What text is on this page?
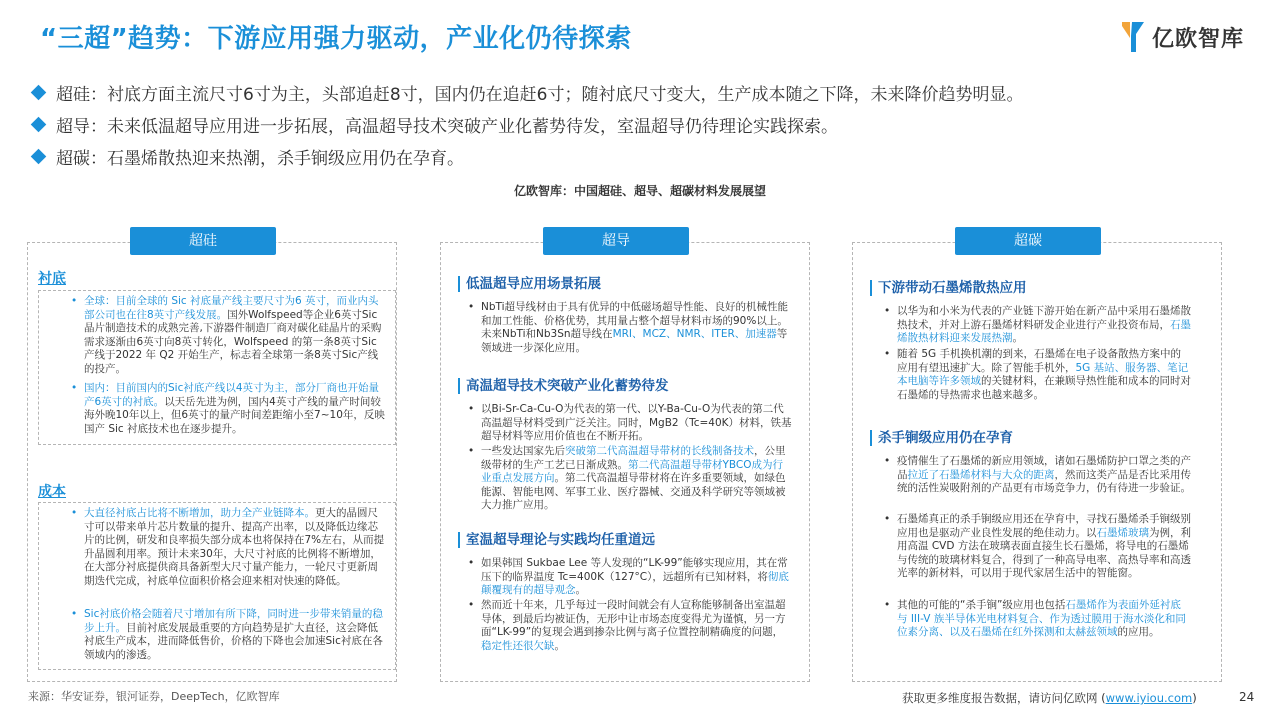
“三超”趋势：下游应用强力驱动，产业化仍待探索	亿欧智库
超硅：衬底方面主流尺寸6寸为主，头部追赶8寸，国内仍在追赶6寸；随衬底尺寸变大，生产成本随之下降，未来降价趋势明显。
超导：未来低温超导应用进一步拓展，高温超导技术突破产业化蓄势待发，室温超导仍待理论实践探索。
超碳：石墨烯散热迎来热潮，杀手锏级应用仍在孕育。
亿欧智库：中国超硅、超导、超碳材料发展展望
超硅
衬底
• 全球：目前全球的 Sic 衬底量产线主要尺寸为6 英寸，而业内头部公司也在往8英寸产线发展。国外Wolfspeed等企业6英寸Sic晶片制造技术的成熟完善,下游器件制造厂商对碳化硅晶片的采购需求逐渐由6英寸向8英寸转化，Wolfspeed 的第一条8英寸Sic产线于2022 年 Q2 开始生产，标志着全球第一条8英寸Sic产线的投产。
• 国内：目前国内的Sic衬底产线以4英寸为主，部分厂商也开始量产6英寸的衬底。以天岳先进为例，国内4英寸产线的量产时间较海外晚10年以上，但6英寸的量产时间差距缩小至7~10年，反映国产 Sic 衬底技术也在逐步提升。
成本
• 大直径衬底占比将不断增加，助力全产业链降本。更大的晶圆尺寸可以带来单片芯片数量的提升、提高产出率，以及降低边缘芯片的比例，研发和良率损失部分成本也将保持在7%左右，从而提升晶圆利用率。预计未来30年，大尺寸衬底的比例将不断增加，在大部分衬底提供商具备新型大尺寸量产能力，一轮尺寸更新周期迭代完成，衬底单位面积价格会迎来相对快速的降低。
• Sic衬底价格会随着尺寸增加有所下降，同时进一步带来销量的稳步上升。目前衬底发展最重要的方向趋势是扩大直径，这会降低衬底生产成本，进而降低售价，价格的下降也会加速Sic衬底在各领域内的渗透。
超导
低温超导应用场景拓展
• NbTi超导线材由于具有优异的中低磁场超导性能、良好的机械性能和加工性能、价格优势，其用量占整个超导材料市场的90%以上。未来NbTi和Nb3Sn超导线在MRI、MCZ、NMR、ITER、加速器等领域进一步深化应用。
高温超导技术突破产业化蓄势待发
• 以Bi-Sr-Ca-Cu-O为代表的第一代、以Y-Ba-Cu-O为代表的第二代高温超导材料受到广泛关注。同时，MgB2（Tc=40K）材料，铁基超导材料等应用价值也在不断开拓。
• 一些发达国家先后突破第二代高温超导带材的长线制备技术，公里级带材的生产工艺已日渐成熟。第二代高温超导带材YBCO成为行业重点发展方向。第二代高温超导带材将在许多重要领域，如绿色能源、智能电网、军事工业、医疗器械、交通及科学研究等领域被大力推广应用。
室温超导理论与实践均任重道远
• 如果韩国 Sukbae Lee 等人发现的“LK-99”能够实现应用，其在常压下的临界温度 Tc=400K（127°C），远超所有已知材料，将彻底颠覆现有的超导观念。
• 然而近十年来，几乎每过一段时间就会有人宣称能够制备出室温超导体，到最后均被证伪，无形中让市场态度变得尤为谨慎，另一方面“LK-99”的复现会遇到掺杂比例与离子位置控制精确度的问题，稳定性还很欠缺。
超碳
下游带动石墨烯散热应用
• 以华为和小米为代表的产业链下游开始在新产品中采用石墨烯散热技术，并对上游石墨烯材料研发企业进行产业投资布局，石墨烯散热材料迎来发展热潮。
• 随着 5G 手机换机潮的到来，石墨烯在电子设备散热方案中的应用有望迅速扩大。除了智能手机外，5G 基站、服务器、笔记本电脑等许多领域的关键材料，在兼顾导热性能和成本的同时对石墨烯的导热需求也越来越多。
杀手锏级应用仍在孕育
• 疫情催生了石墨烯的新应用领域，诸如石墨烯防护口罩之类的产品拉近了石墨烯材料与大众的距离，然而这类产品是否比采用传统的活性炭吸附剂的产品更有市场竞争力，仍有待进一步验证。
• 石墨烯真正的杀手锏级应用还在孕育中，寻找石墨烯杀手锏级别应用也是驱动产业良性发展的绝佳动力。以石墨烯玻璃为例，利用高温 CVD 方法在玻璃表面直接生长石墨烯，将导电的石墨烯与传统的玻璃材料复合，得到了一种高导电率、高热导率和高透光率的新材料，可以用于现代家居生活中的智能窗。
• 其他的可能的“杀手锏”级应用也包括石墨烯作为表面外延衬底与 III-V 族半导体光电材料复合、作为透过膜用于海水淡化和同位素分离、以及石墨烯在红外探测和太赫兹领域的应用。
来源：华安证券，银河证券，DeepTech，亿欧智库	获取更多维度报告数据，请访问亿欧网 (www.iyiou.com)	24
